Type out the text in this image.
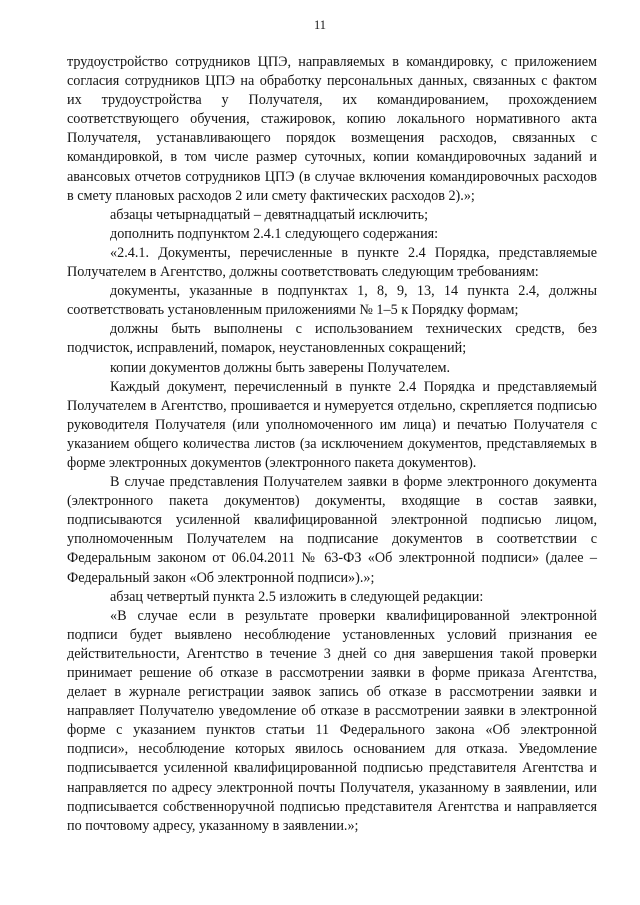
11

трудоустройство сотрудников ЦПЭ, направляемых в командировку, с приложением согласия сотрудников ЦПЭ на обработку персональных данных, связанных с фактом их трудоустройства у Получателя, их командированием, прохождением соответствующего обучения, стажировок, копию локального нормативного акта Получателя, устанавливающего порядок возмещения расходов, связанных с командировкой, в том числе размер суточных, копии командировочных заданий и авансовых отчетов сотрудников ЦПЭ (в случае включения командировочных расходов в смету плановых расходов 2 или смету фактических расходов 2).»;

абзацы четырнадцатый – девятнадцатый исключить;

дополнить подпунктом 2.4.1 следующего содержания:

«2.4.1. Документы, перечисленные в пункте 2.4 Порядка, представляемые Получателем в Агентство, должны соответствовать следующим требованиям:

документы, указанные в подпунктах 1, 8, 9, 13, 14 пункта 2.4, должны соответствовать установленным приложениями № 1–5 к Порядку формам;

должны быть выполнены с использованием технических средств, без подчисток, исправлений, помарок, неустановленных сокращений;

копии документов должны быть заверены Получателем.

Каждый документ, перечисленный в пункте 2.4 Порядка и представляемый Получателем в Агентство, прошивается и нумеруется отдельно, скрепляется подписью руководителя Получателя (или уполномоченного им лица) и печатью Получателя с указанием общего количества листов (за исключением документов, представляемых в форме электронных документов (электронного пакета документов).

В случае представления Получателем заявки в форме электронного документа (электронного пакета документов) документы, входящие в состав заявки, подписываются усиленной квалифицированной электронной подписью лицом, уполномоченным Получателем на подписание документов в соответствии с Федеральным законом от 06.04.2011 № 63-ФЗ «Об электронной подписи» (далее – Федеральный закон «Об электронной подписи»).»;

абзац четвертый пункта 2.5 изложить в следующей редакции:

«В случае если в результате проверки квалифицированной электронной подписи будет выявлено несоблюдение установленных условий признания ее действительности, Агентство в течение 3 дней со дня завершения такой проверки принимает решение об отказе в рассмотрении заявки в форме приказа Агентства, делает в журнале регистрации заявок запись об отказе в рассмотрении заявки и направляет Получателю уведомление об отказе в рассмотрении заявки в электронной форме с указанием пунктов статьи 11 Федерального закона «Об электронной подписи», несоблюдение которых явилось основанием для отказа. Уведомление подписывается усиленной квалифицированной подписью представителя Агентства и направляется по адресу электронной почты Получателя, указанному в заявлении, или подписывается собственноручной подписью представителя Агентства и направляется по почтовому адресу, указанному в заявлении.»;
